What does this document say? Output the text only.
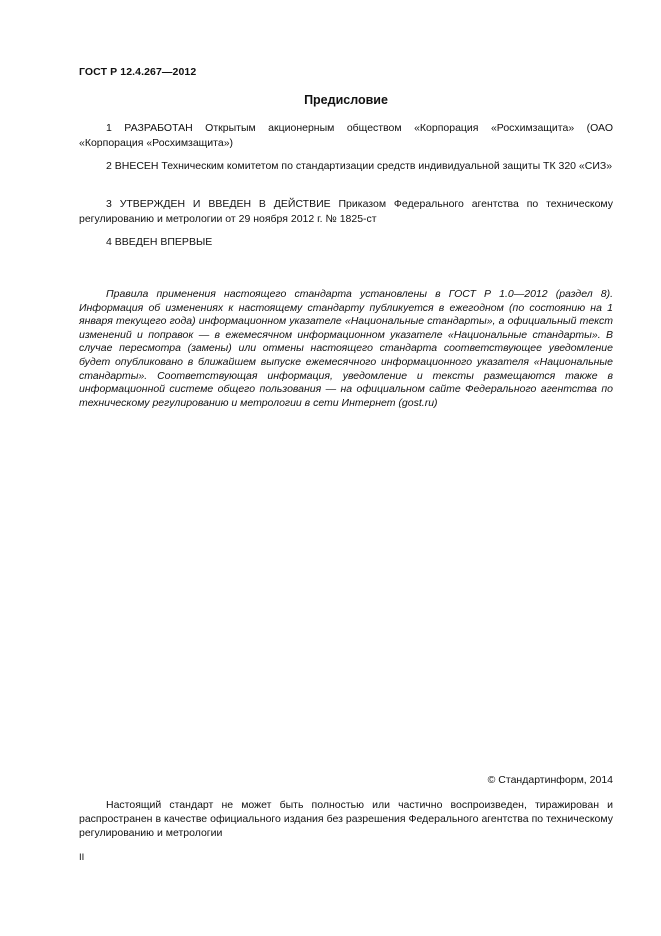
ГОСТ Р 12.4.267—2012
Предисловие
1 РАЗРАБОТАН Открытым акционерным обществом «Корпорация «Росхимзащита» (ОАО «Корпорация «Росхимзащита»)
2 ВНЕСЕН Техническим комитетом по стандартизации средств индивидуальной защиты ТК 320 «СИЗ»
3 УТВЕРЖДЕН И ВВЕДЕН В ДЕЙСТВИЕ Приказом Федерального агентства по техническому регулированию и метрологии от 29 ноября 2012 г. № 1825-ст
4 ВВЕДЕН ВПЕРВЫЕ
Правила применения настоящего стандарта установлены в ГОСТ Р 1.0—2012 (раздел 8). Информация об изменениях к настоящему стандарту публикуется в ежегодном (по состоянию на 1 января текущего года) информационном указателе «Национальные стандарты», а официальный текст изменений и поправок — в ежемесячном информационном указателе «Национальные стандарты». В случае пересмотра (замены) или отмены настоящего стандарта соответствующее уведомление будет опубликовано в ближайшем выпуске ежемесячного информационного указателя «Национальные стандарты». Соответствующая информация, уведомление и тексты размещаются также в информационной системе общего пользования — на официальном сайте Федерального агентства по техническому регулированию и метрологии в сети Интернет (gost.ru)
© Стандартинформ, 2014
Настоящий стандарт не может быть полностью или частично воспроизведен, тиражирован и распространен в качестве официального издания без разрешения Федерального агентства по техническому регулированию и метрологии
II
